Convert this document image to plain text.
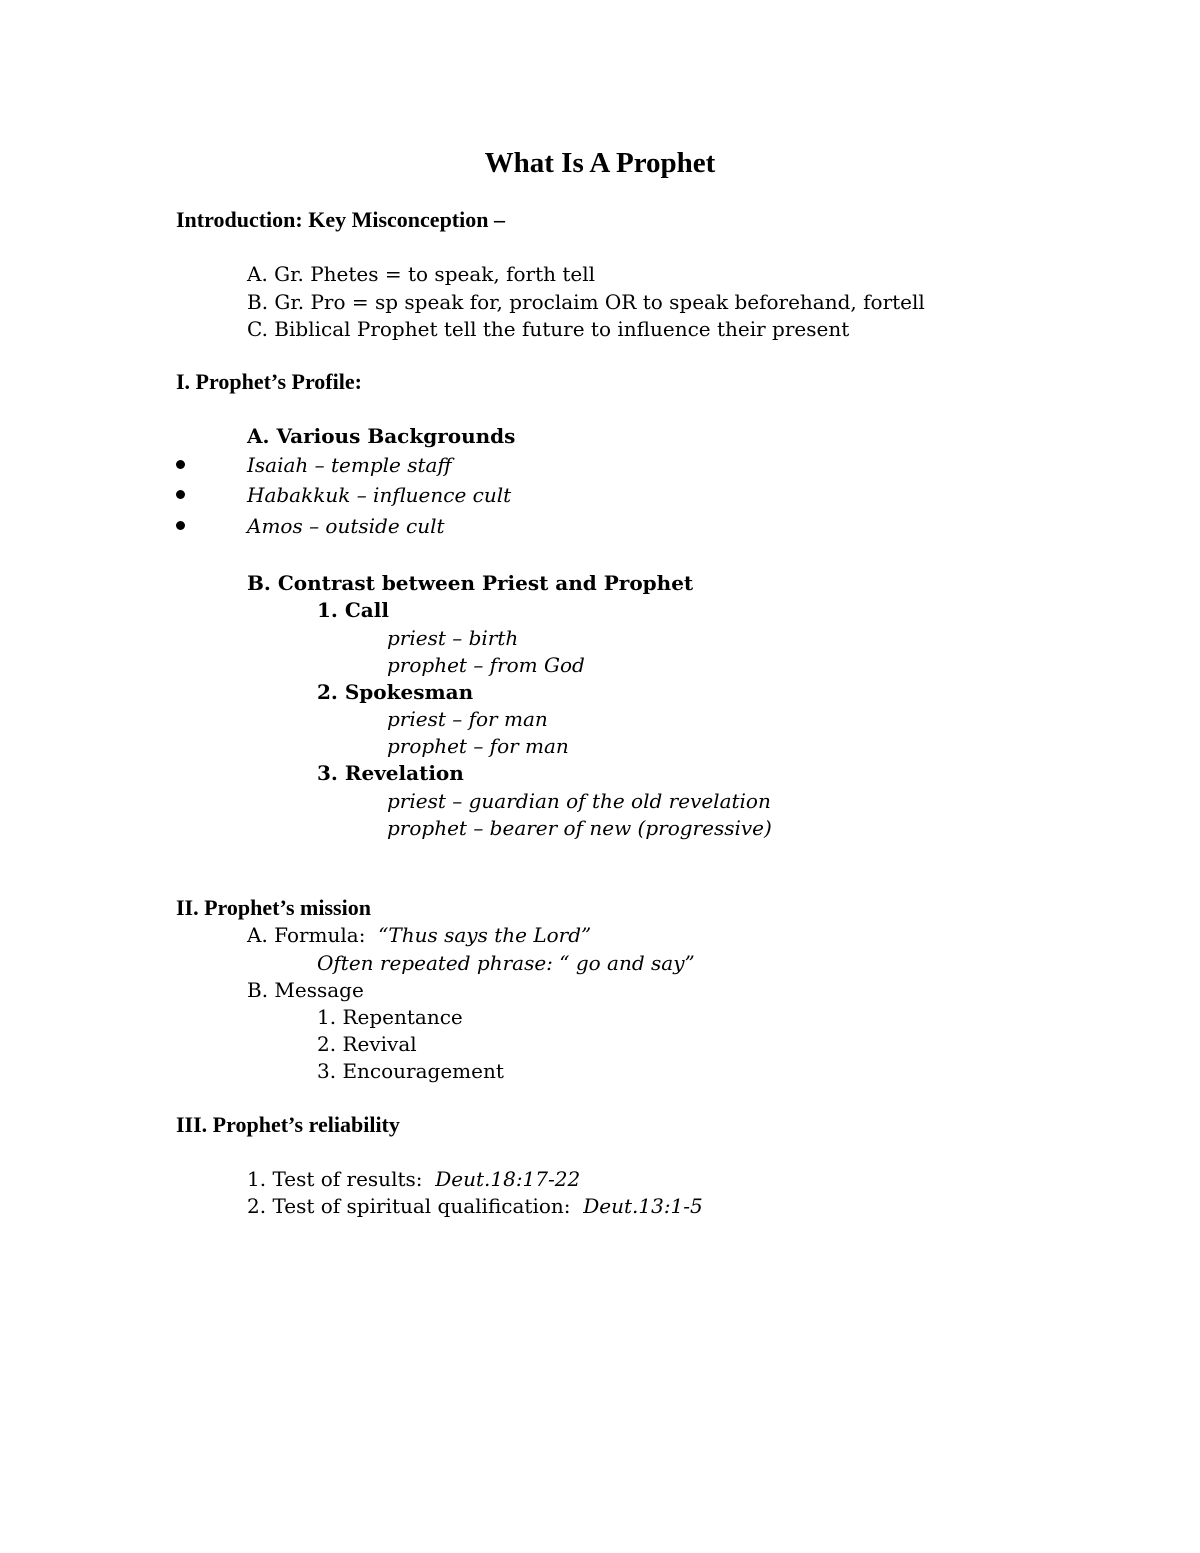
What Is A Prophet
Introduction: Key Misconception –
A. Gr. Phetes = to speak, forth tell
B. Gr. Pro = sp speak for, proclaim OR to speak beforehand, fortell
C. Biblical Prophet tell the future to influence their present
I. Prophet’s Profile:
A. Various Backgrounds
Isaiah – temple staff
Habakkuk – influence cult
Amos – outside cult
B. Contrast between Priest and Prophet
1. Call
priest – birth
prophet – from God
2. Spokesman
priest – for man
prophet – for man
3. Revelation
priest – guardian of the old revelation
prophet – bearer of new (progressive)
II. Prophet’s mission
A. Formula: “Thus says the Lord”
Often repeated phrase: “ go and say”
B. Message
1. Repentance
2. Revival
3. Encouragement
III. Prophet’s reliability
1. Test of results: Deut.18:17-22
2. Test of spiritual qualification: Deut.13:1-5
